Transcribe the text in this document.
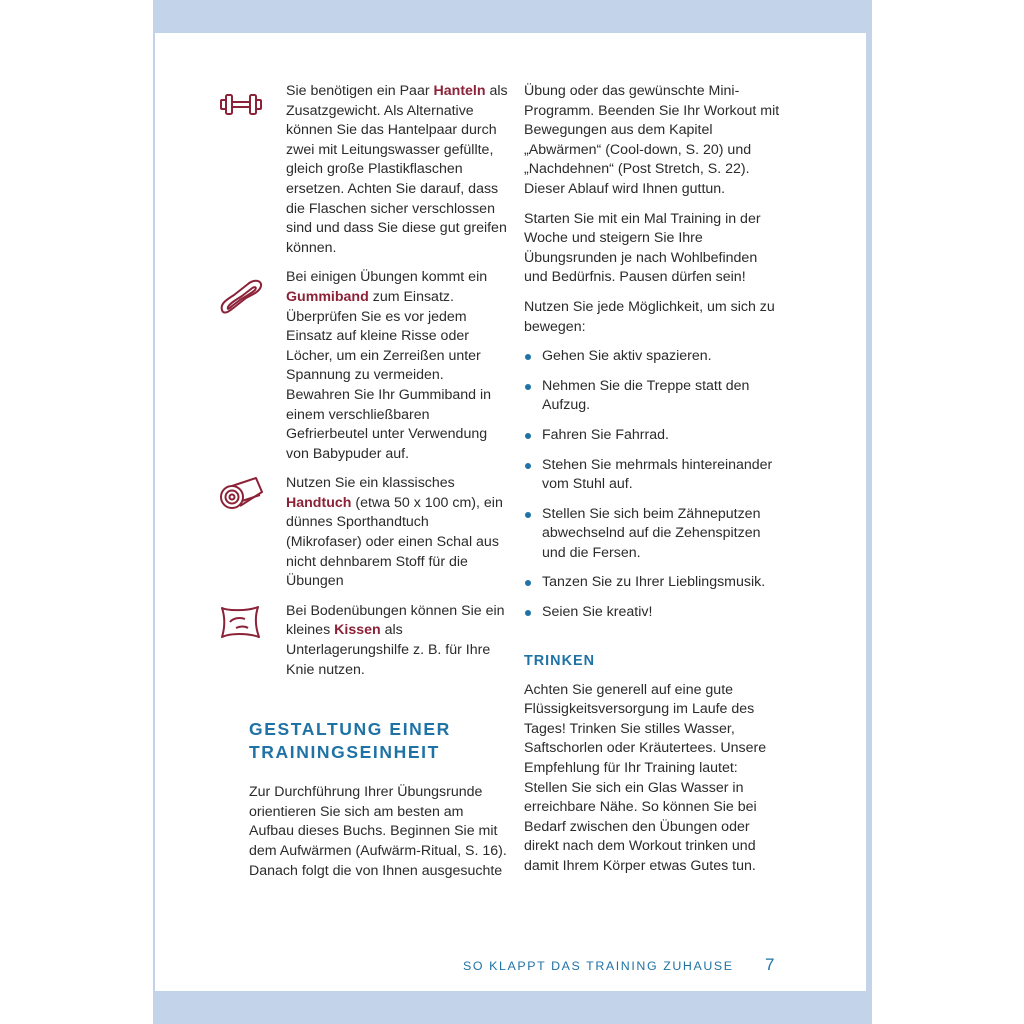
Sie benötigen ein Paar Hanteln als Zusatzgewicht. Als Alternative können Sie das Hantelpaar durch zwei mit Leitungswasser gefüllte, gleich große Plastikflaschen ersetzen. Achten Sie darauf, dass die Flaschen sicher verschlossen sind und dass Sie diese gut greifen können.

Bei einigen Übungen kommt ein Gummiband zum Einsatz. Überprüfen Sie es vor jedem Einsatz auf kleine Risse oder Löcher, um ein Zerreißen unter Spannung zu vermeiden. Bewahren Sie Ihr Gummiband in einem verschließbaren Gefrierbeutel unter Verwendung von Babypuder auf.

Nutzen Sie ein klassisches Handtuch (etwa 50 x 100 cm), ein dünnes Sporthandtuch (Mikrofaser) oder einen Schal aus nicht dehnbarem Stoff für die Übungen

Bei Bodenübungen können Sie ein kleines Kissen als Unterlagerungshilfe z. B. für Ihre Knie nutzen.

GESTALTUNG EINER TRAININGSEINHEIT

Zur Durchführung Ihrer Übungsrunde orientieren Sie sich am besten am Aufbau dieses Buchs. Beginnen Sie mit dem Aufwärmen (Aufwärm-Ritual, S. 16). Danach folgt die von Ihnen ausgesuchte

Übung oder das gewünschte Mini-Programm. Beenden Sie Ihr Workout mit Bewegungen aus dem Kapitel „Abwärmen“ (Cool-down, S. 20) und „Nachdehnen“ (Post Stretch, S. 22). Dieser Ablauf wird Ihnen guttun.

Starten Sie mit ein Mal Training in der Woche und steigern Sie Ihre Übungsrunden je nach Wohlbefinden und Bedürfnis. Pausen dürfen sein!

Nutzen Sie jede Möglichkeit, um sich zu bewegen:

Gehen Sie aktiv spazieren.
Nehmen Sie die Treppe statt den Aufzug.
Fahren Sie Fahrrad.
Stehen Sie mehrmals hintereinander vom Stuhl auf.
Stellen Sie sich beim Zähneputzen abwechselnd auf die Zehenspitzen und die Fersen.
Tanzen Sie zu Ihrer Lieblingsmusik.
Seien Sie kreativ!
TRINKEN

Achten Sie generell auf eine gute Flüssigkeitsversorgung im Laufe des Tages! Trinken Sie stilles Wasser, Saftschorlen oder Kräutertees. Unsere Empfehlung für Ihr Training lautet: Stellen Sie sich ein Glas Wasser in erreichbare Nähe. So können Sie bei Bedarf zwischen den Übungen oder direkt nach dem Workout trinken und damit Ihrem Körper etwas Gutes tun.

SO KLAPPT DAS TRAINING ZUHAUSE 7
